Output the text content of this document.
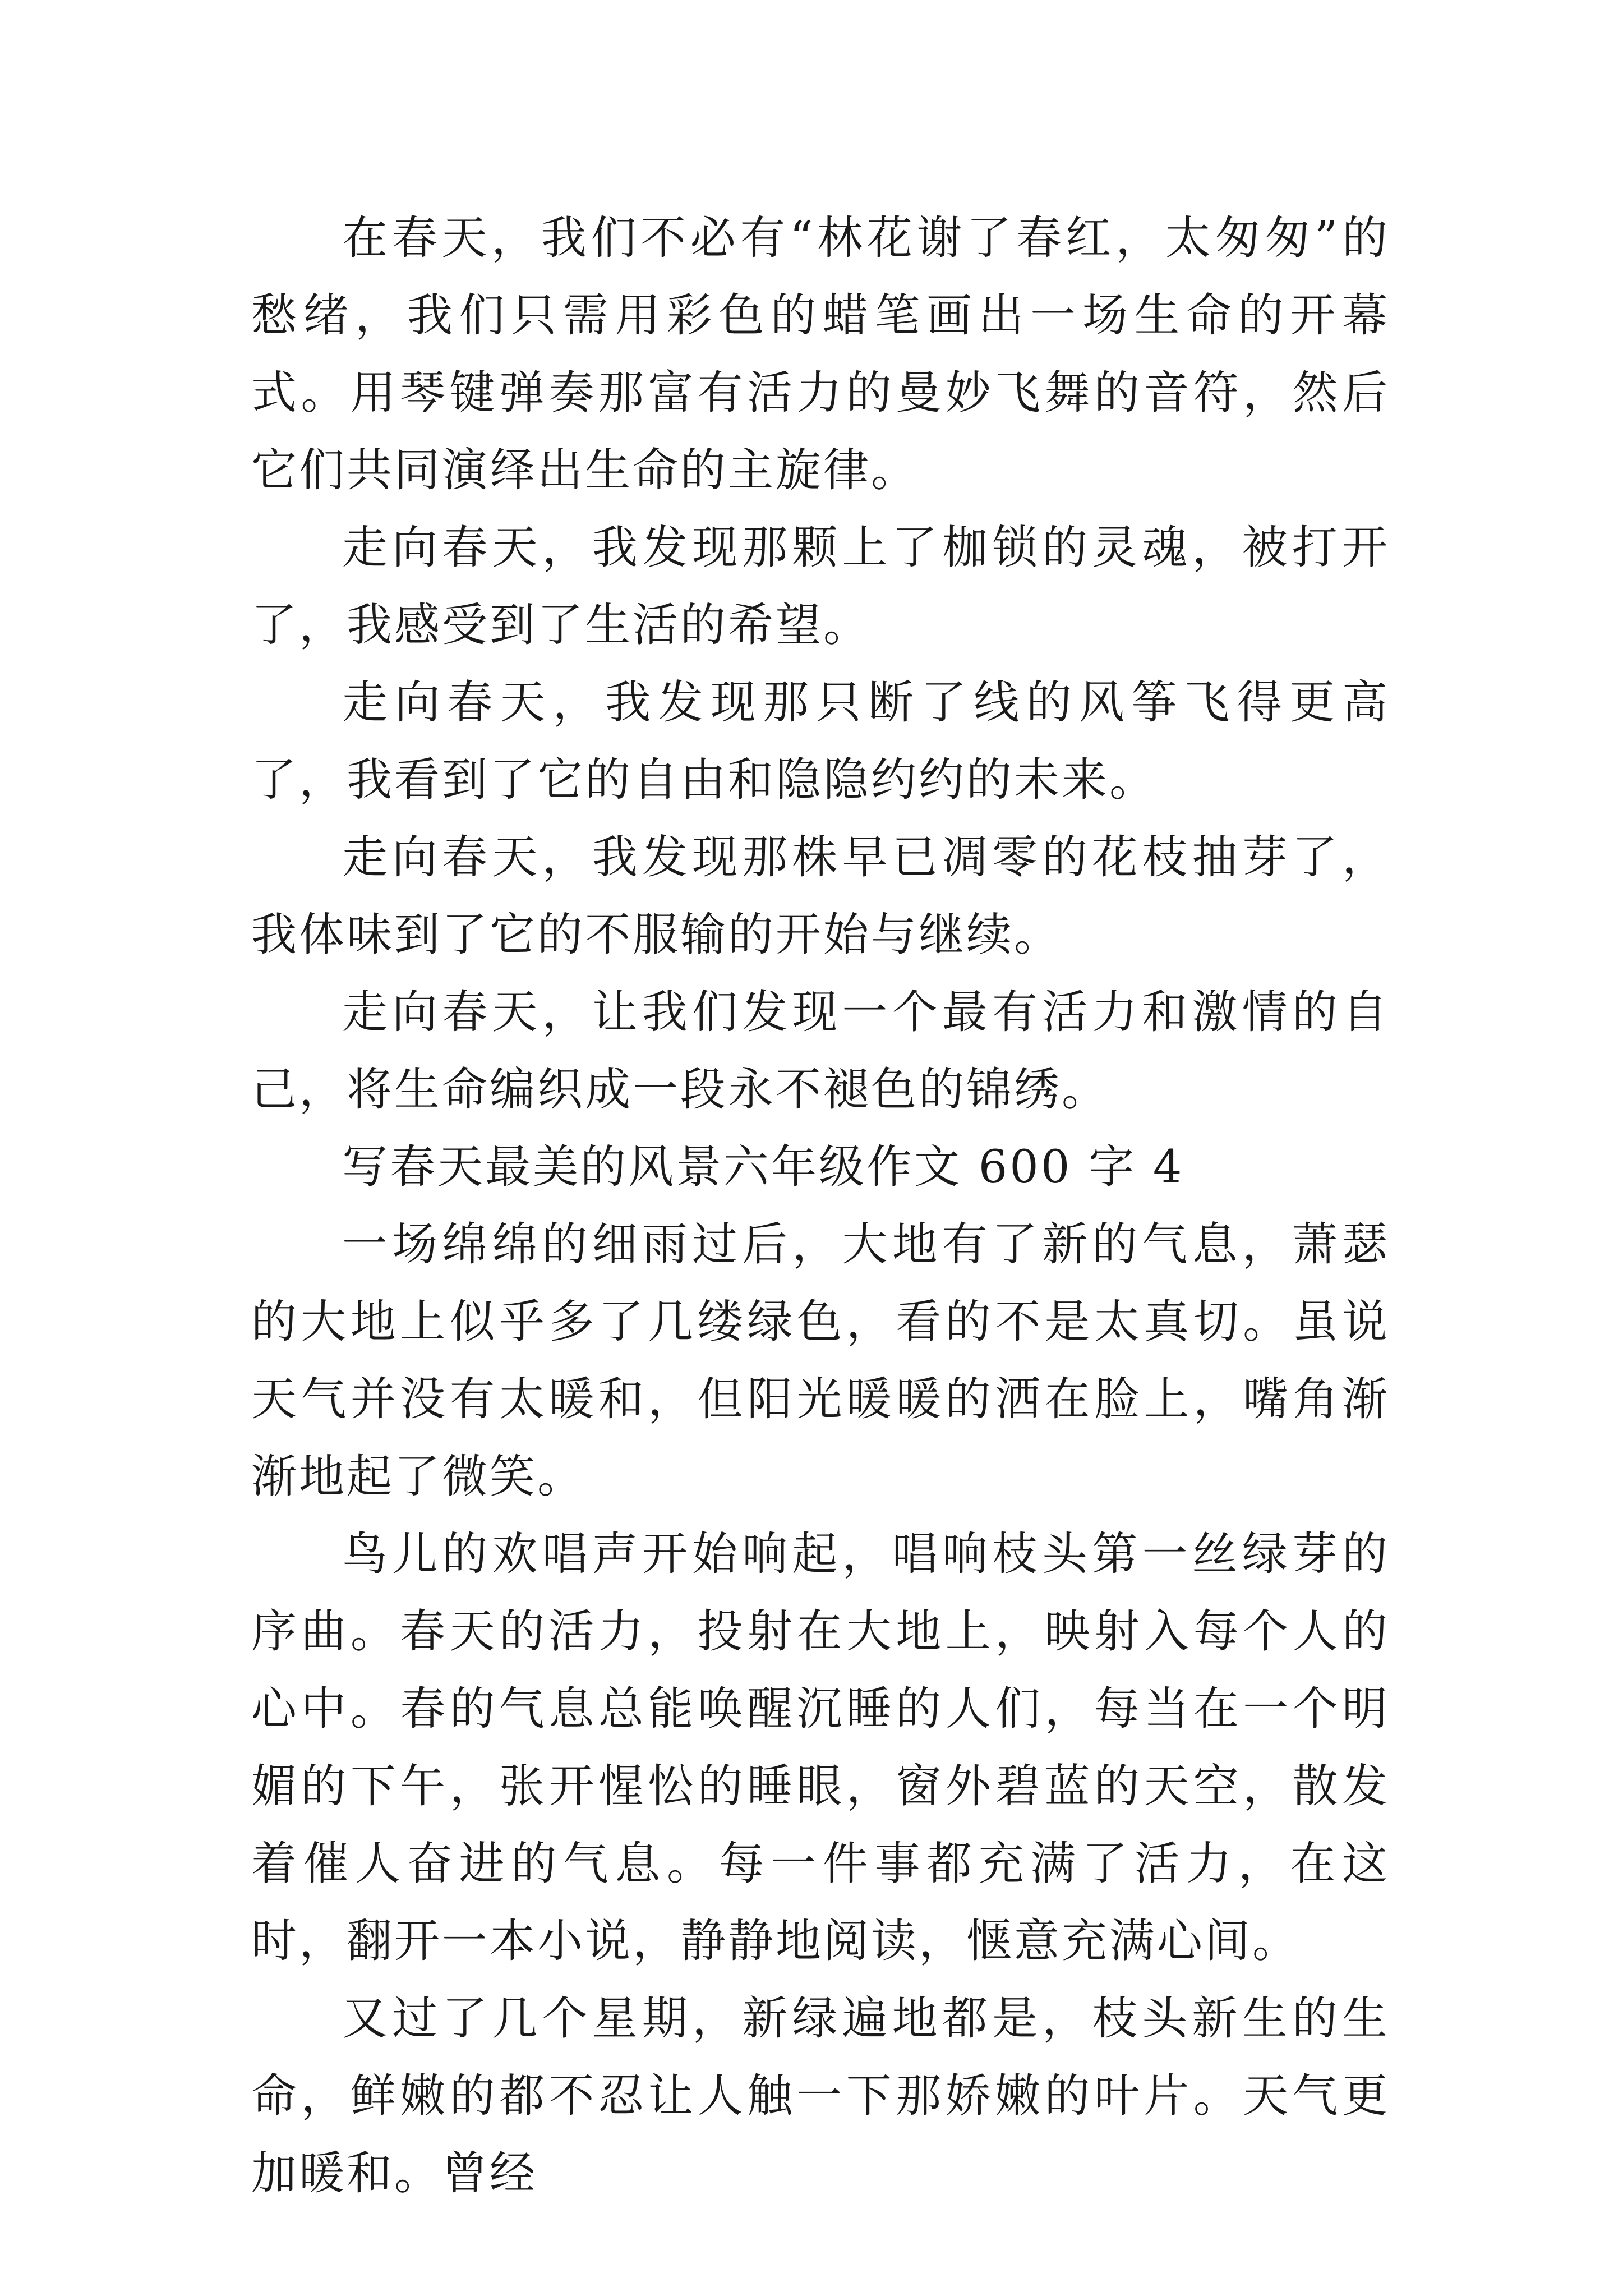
在春天，我们不必有“林花谢了春红，太匆匆”的愁绪，我们只需用彩色的蜡笔画出一场生命的开幕式。用琴键弹奏那富有活力的曼妙飞舞的音符，然后它们共同演绎出生命的主旋律。

走向春天，我发现那颗上了枷锁的灵魂，被打开了，我感受到了生活的希望。

走向春天，我发现那只断了线的风筝飞得更高了，我看到了它的自由和隐隐约约的未来。

走向春天，我发现那株早已凋零的花枝抽芽了，我体味到了它的不服输的开始与继续。

走向春天，让我们发现一个最有活力和激情的自己，将生命编织成一段永不褪色的锦绣。

写春天最美的风景六年级作文 600 字 4

一场绵绵的细雨过后，大地有了新的气息，萧瑟的大地上似乎多了几缕绿色，看的不是太真切。虽说天气并没有太暖和，但阳光暖暖的洒在脸上，嘴角渐渐地起了微笑。

鸟儿的欢唱声开始响起，唱响枝头第一丝绿芽的序曲。春天的活力，投射在大地上，映射入每个人的心中。春的气息总能唤醒沉睡的人们，每当在一个明媚的下午，张开惺忪的睡眼，窗外碧蓝的天空，散发着催人奋进的气息。每一件事都充满了活力，在这时，翻开一本小说，静静地阅读，惬意充满心间。

又过了几个星期，新绿遍地都是，枝头新生的生命，鲜嫩的都不忍让人触一下那娇嫩的叶片。天气更加暖和。曾经
